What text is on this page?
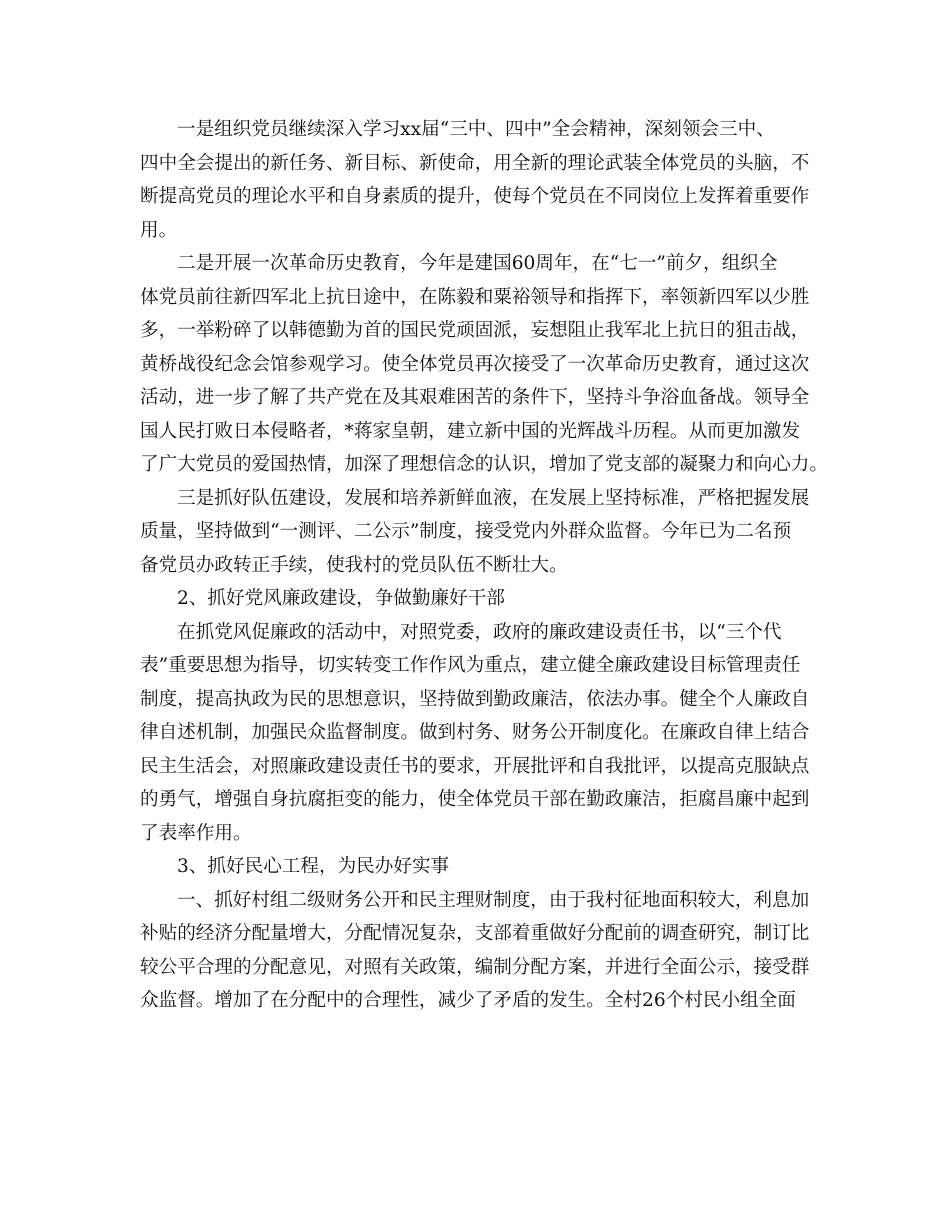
一是组织党员继续深入学习xx届“三中、四中”全会精神，深刻领会三中、
四中全会提出的新任务、新目标、新使命，用全新的理论武装全体党员的头脑，不
断提高党员的理论水平和自身素质的提升，使每个党员在不同岗位上发挥着重要作
用。
二是开展一次革命历史教育，今年是建国60周年，在“七一”前夕，组织全
体党员前往新四军北上抗日途中，在陈毅和粟裕领导和指挥下，率领新四军以少胜
多，一举粉碎了以韩德勤为首的国民党顽固派，妄想阻止我军北上抗日的狙击战，
黄桥战役纪念会馆参观学习。使全体党员再次接受了一次革命历史教育，通过这次
活动，进一步了解了共产党在及其艰难困苦的条件下，坚持斗争浴血备战。领导全
国人民打败日本侵略者，*蒋家皇朝，建立新中国的光辉战斗历程。从而更加激发
了广大党员的爱国热情，加深了理想信念的认识，增加了党支部的凝聚力和向心力。
三是抓好队伍建设，发展和培养新鲜血液，在发展上坚持标准，严格把握发展
质量，坚持做到“一测评、二公示”制度，接受党内外群众监督。今年已为二名预
备党员办政转正手续，使我村的党员队伍不断壮大。
2、抓好党风廉政建设，争做勤廉好干部
在抓党风促廉政的活动中，对照党委，政府的廉政建设责任书，以“三个代
表”重要思想为指导，切实转变工作作风为重点，建立健全廉政建设目标管理责任
制度，提高执政为民的思想意识，坚持做到勤政廉洁，依法办事。健全个人廉政自
律自述机制，加强民众监督制度。做到村务、财务公开制度化。在廉政自律上结合
民主生活会，对照廉政建设责任书的要求，开展批评和自我批评，以提高克服缺点
的勇气，增强自身抗腐拒变的能力，使全体党员干部在勤政廉洁，拒腐昌廉中起到
了表率作用。
3、抓好民心工程，为民办好实事
一、抓好村组二级财务公开和民主理财制度，由于我村征地面积较大，利息加
补贴的经济分配量增大，分配情况复杂，支部着重做好分配前的调查研究，制订比
较公平合理的分配意见，对照有关政策，编制分配方案，并进行全面公示，接受群
众监督。增加了在分配中的合理性，减少了矛盾的发生。全村26个村民小组全面
